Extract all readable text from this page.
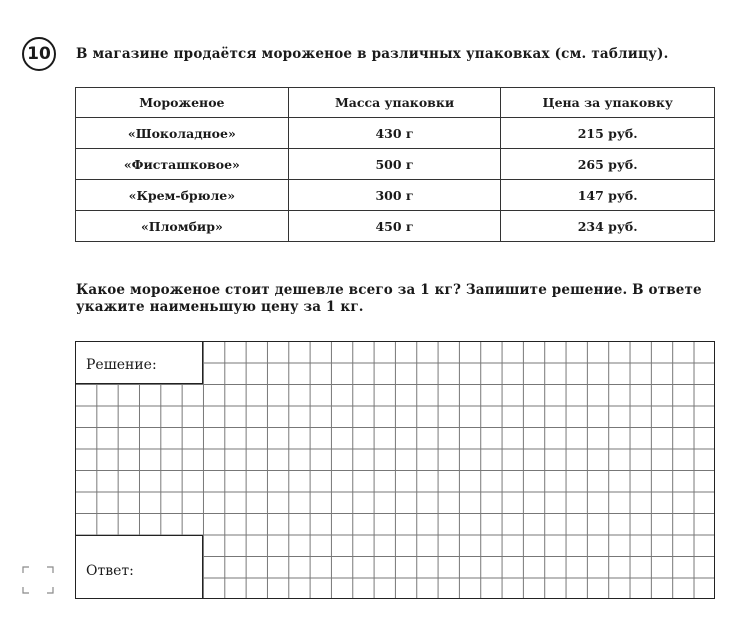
10 В магазине продаётся мороженое в различных упаковках (см. таблицу).
Мороженое	Масса упаковки	Цена за упаковку
«Шоколадное»	430 г	215 руб.
«Фисташковое»	500 г	265 руб.
«Крем-брюле»	300 г	147 руб.
«Пломбир»	450 г	234 руб.
Какое мороженое стоит дешевле всего за 1 кг? Запишите решение. В ответе укажите наименьшую цену за 1 кг.
Решение:
Ответ:
